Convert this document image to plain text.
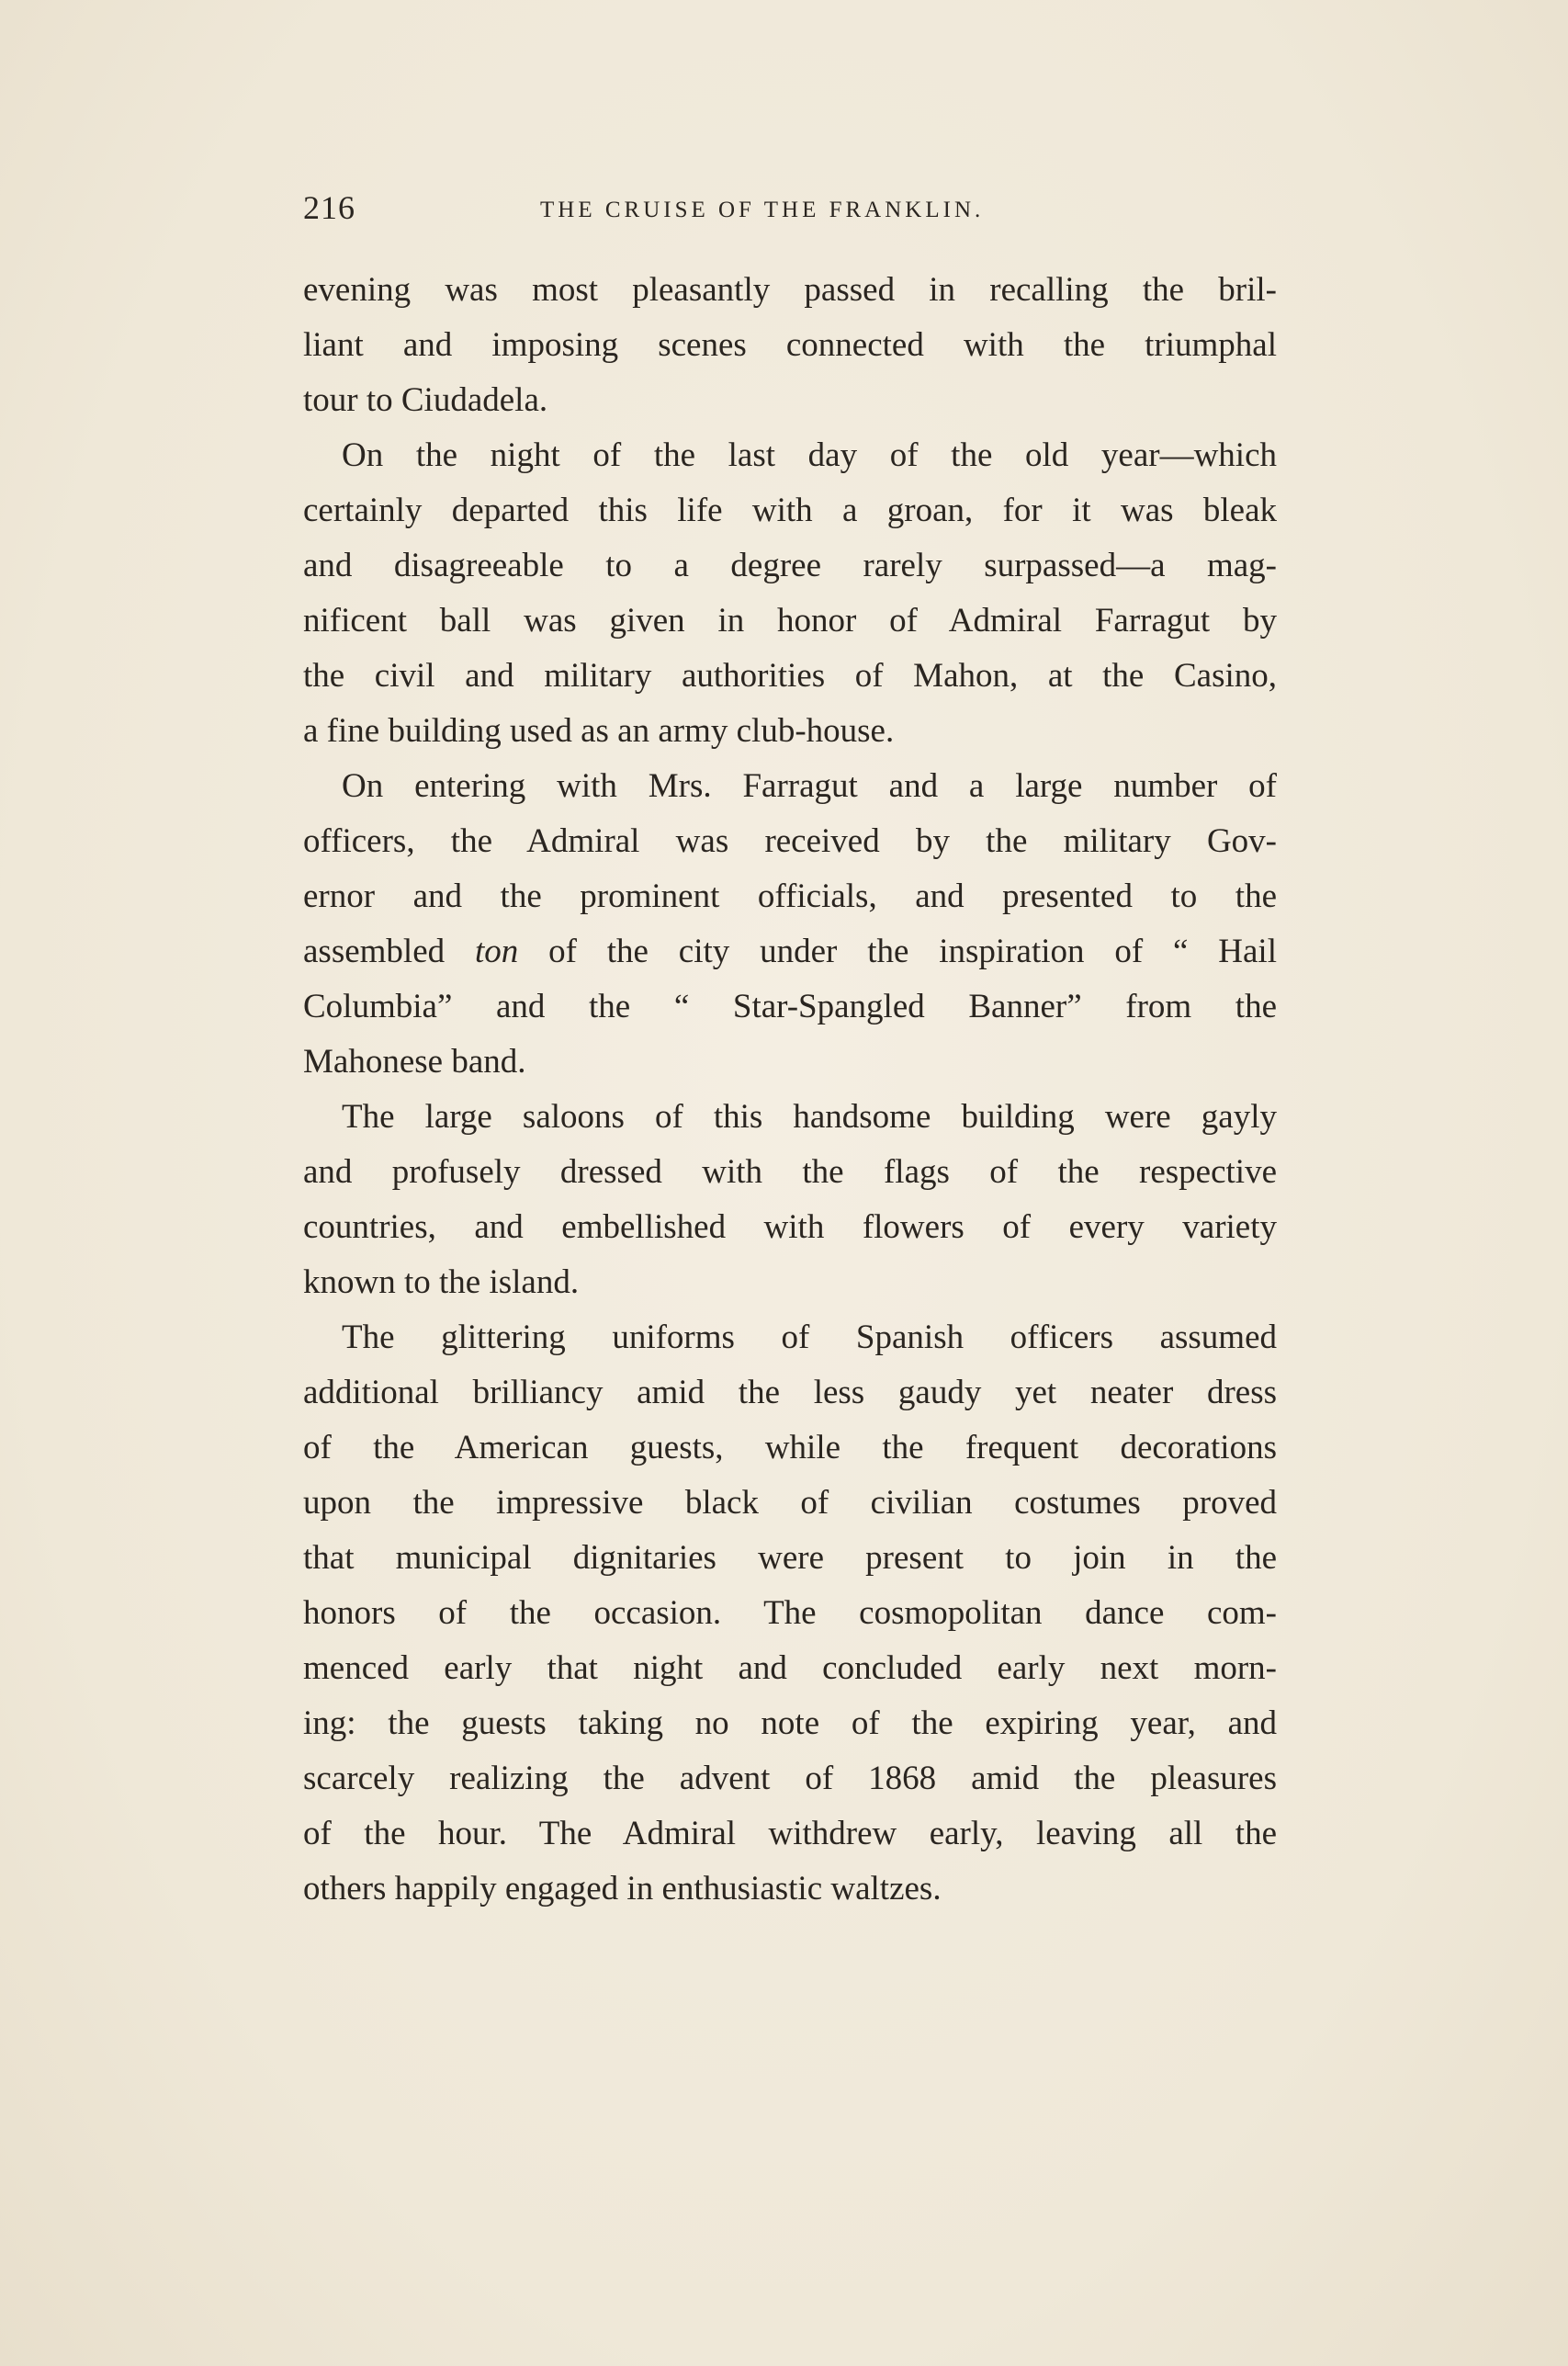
216	THE CRUISE OF THE FRANKLIN.
evening was most pleasantly passed in recalling the bril-
liant and imposing scenes connected with the triumphal
tour to Ciudadela.
On the night of the last day of the old year—which
certainly departed this life with a groan, for it was bleak
and disagreeable to a degree rarely surpassed—a mag-
nificent ball was given in honor of Admiral Farragut by
the civil and military authorities of Mahon, at the Casino,
a fine building used as an army club-house.
On entering with Mrs. Farragut and a large number of
officers, the Admiral was received by the military Gov-
ernor and the prominent officials, and presented to the
assembled ton of the city under the inspiration of “ Hail
Columbia” and the “ Star-Spangled Banner” from the
Mahonese band.
The large saloons of this handsome building were gayly
and profusely dressed with the flags of the respective
countries, and embellished with flowers of every variety
known to the island.
The glittering uniforms of Spanish officers assumed
additional brilliancy amid the less gaudy yet neater dress
of the American guests, while the frequent decorations
upon the impressive black of civilian costumes proved
that municipal dignitaries were present to join in the
honors of the occasion. The cosmopolitan dance com-
menced early that night and concluded early next morn-
ing: the guests taking no note of the expiring year, and
scarcely realizing the advent of 1868 amid the pleasures
of the hour. The Admiral withdrew early, leaving all the
others happily engaged in enthusiastic waltzes.
